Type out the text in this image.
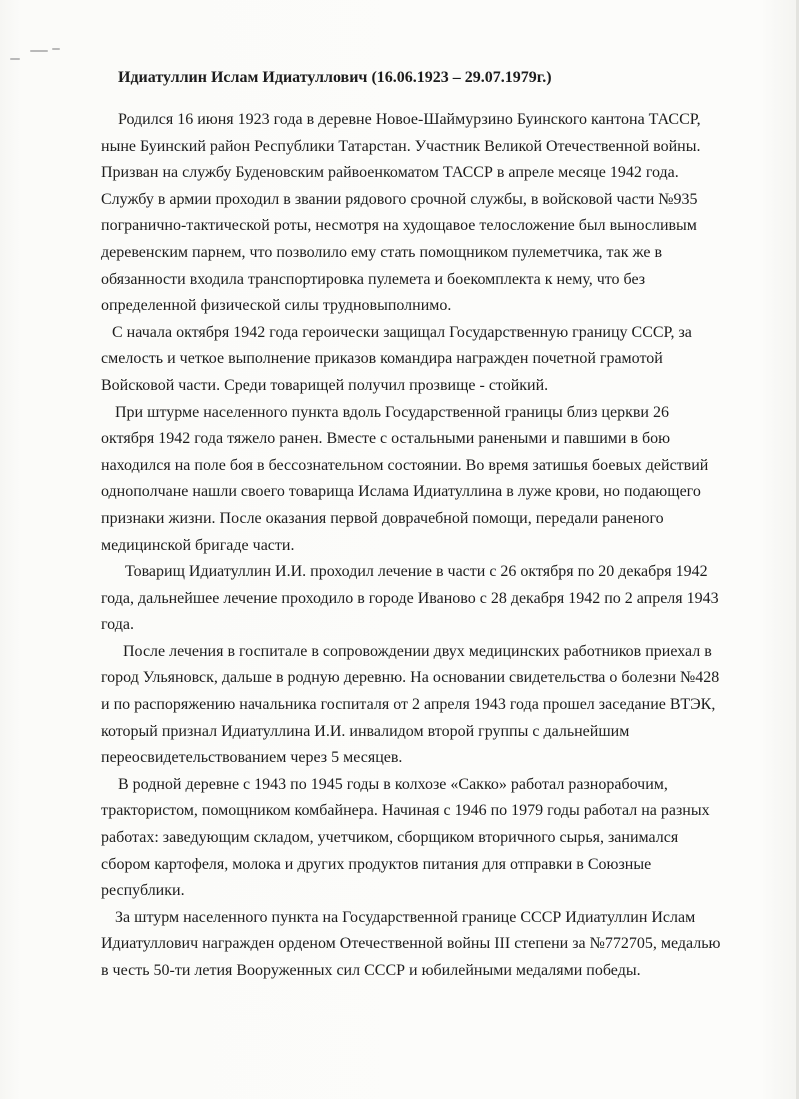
Идиатуллин Ислам Идиатуллович (16.06.1923 – 29.07.1979г.)
Родился 16 июня 1923 года в деревне Новое-Шаймурзино Буинского кантона ТАССР,
ныне Буинский район Республики Татарстан. Участник Великой Отечественной войны.
Призван на службу Буденовским райвоенкоматом ТАССР в апреле месяце 1942 года.
Службу в армии проходил в звании рядового срочной службы, в войсковой части №935
погранично-тактической роты, несмотря на худощавое телосложение был выносливым
деревенским парнем, что позволило ему стать помощником пулеметчика, так же в
обязанности входила транспортировка пулемета и боекомплекта к нему, что без
определенной физической силы трудновыполнимо.
С начала октября 1942 года героически защищал Государственную границу СССР, за
смелость и четкое выполнение приказов командира награжден почетной грамотой
Войсковой части. Среди товарищей получил прозвище - стойкий.
При штурме населенного пункта вдоль Государственной границы близ церкви 26
октября 1942 года тяжело ранен. Вместе с остальными ранеными и павшими в бою
находился на поле боя в бессознательном состоянии. Во время затишья боевых действий
однополчане нашли своего товарища Ислама Идиатуллина в луже крови, но подающего
признаки жизни. После оказания первой доврачебной помощи, передали раненого
медицинской бригаде части.
Товарищ Идиатуллин И.И. проходил лечение в части с 26 октября по 20 декабря 1942
года, дальнейшее лечение проходило в городе Иваново с 28 декабря 1942 по 2 апреля 1943
года.
После лечения в госпитале в сопровождении двух медицинских работников приехал в
город Ульяновск, дальше в родную деревню. На основании свидетельства о болезни №428
и по распоряжению начальника госпиталя от 2 апреля 1943 года прошел заседание ВТЭК,
который признал Идиатуллина И.И. инвалидом второй группы с дальнейшим
переосвидетельствованием через 5 месяцев.
В родной деревне с 1943 по 1945 годы в колхозе «Сакко» работал разнорабочим,
трактористом, помощником комбайнера. Начиная с 1946 по 1979 годы работал на разных
работах: заведующим складом, учетчиком, сборщиком вторичного сырья, занимался
сбором картофеля, молока и других продуктов питания для отправки в Союзные
республики.
За штурм населенного пункта на Государственной границе СССР Идиатуллин Ислам
Идиатуллович награжден орденом Отечественной войны III степени за №772705, медалью
в честь 50-ти летия Вооруженных сил СССР и юбилейными медалями победы.
